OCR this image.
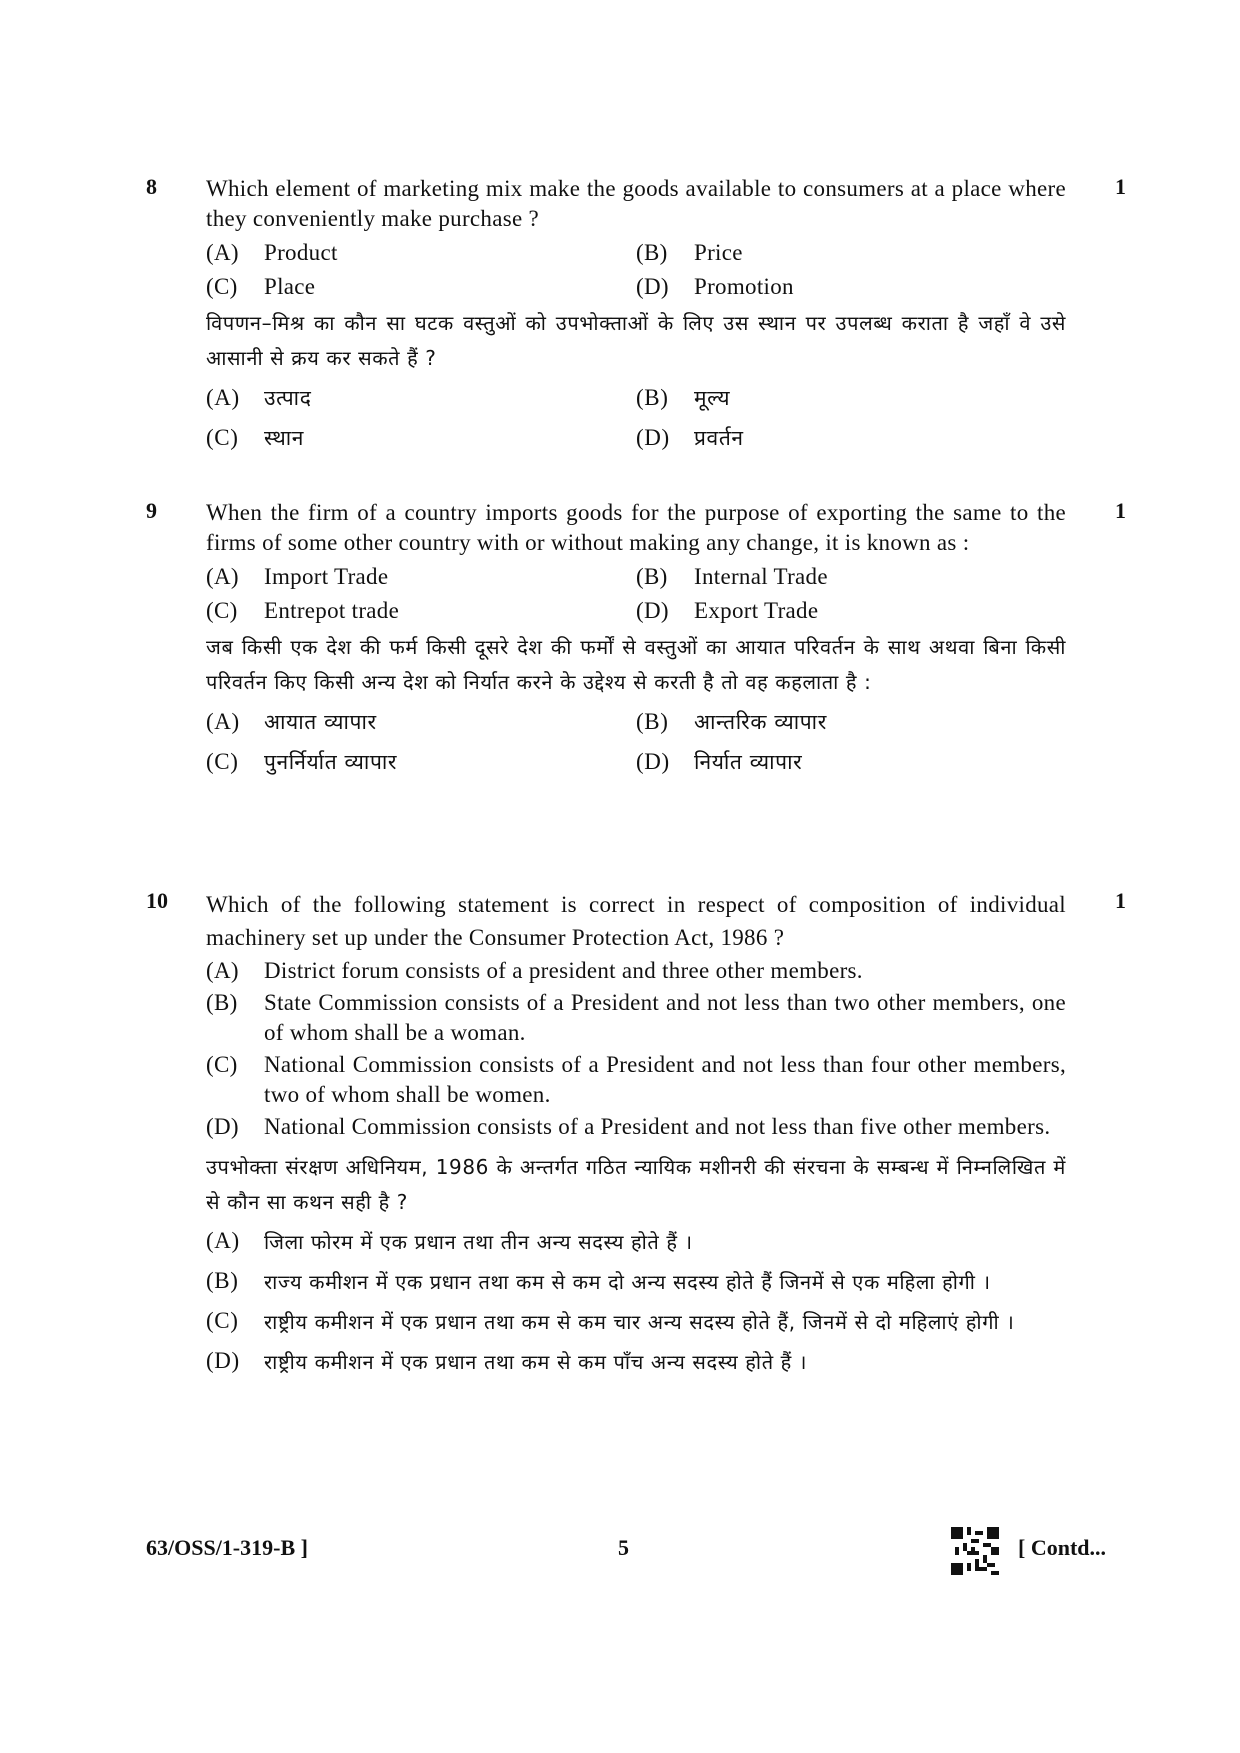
8	1
Which element of marketing mix make the goods available to consumers at a place where they conveniently make purchase ?
(A)	Product	(B)	Price
(C)	Place	(D)	Promotion
विपणन–मिश्र का कौन सा घटक वस्तुओं को उपभोक्ताओं के लिए उस स्थान पर उपलब्ध कराता है जहाँ वे उसे आसानी से क्रय कर सकते हैं ?
(A)	उत्पाद	(B)	मूल्य
(C)	स्थान	(D)	प्रवर्तन
9	1
When the firm of a country imports goods for the purpose of exporting the same to the firms of some other country with or without making any change, it is known as :
(A)	Import Trade	(B)	Internal Trade
(C)	Entrepot trade	(D)	Export Trade
जब किसी एक देश की फर्म किसी दूसरे देश की फर्मों से वस्तुओं का आयात परिवर्तन के साथ अथवा बिना किसी परिवर्तन किए किसी अन्य देश को निर्यात करने के उद्देश्य से करती है तो वह कहलाता है :
(A)	आयात व्यापार	(B)	आन्तरिक व्यापार
(C)	पुनर्निर्यात व्यापार	(D)	निर्यात व्यापार
10	1
Which of the following statement is correct in respect of composition of individual machinery set up under the Consumer Protection Act, 1986 ?
(A)	District forum consists of a president and three other members.
(B)	State Commission consists of a President and not less than two other members, one of whom shall be a woman.
(C)	National Commission consists of a President and not less than four other members, two of whom shall be women.
(D)	National Commission consists of a President and not less than five other members.
उपभोक्ता संरक्षण अधिनियम, 1986 के अन्तर्गत गठित न्यायिक मशीनरी की संरचना के सम्बन्ध में निम्नलिखित में से कौन सा कथन सही है ?
(A)	जिला फोरम में एक प्रधान तथा तीन अन्य सदस्य होते हैं ।
(B)	राज्य कमीशन में एक प्रधान तथा कम से कम दो अन्य सदस्य होते हैं जिनमें से एक महिला होगी ।
(C)	राष्ट्रीय कमीशन में एक प्रधान तथा कम से कम चार अन्य सदस्य होते हैं, जिनमें से दो महिलाएं होगी ।
(D)	राष्ट्रीय कमीशन में एक प्रधान तथा कम से कम पाँच अन्य सदस्य होते हैं ।
63/OSS/1-319-B ]	5	[ Contd...
